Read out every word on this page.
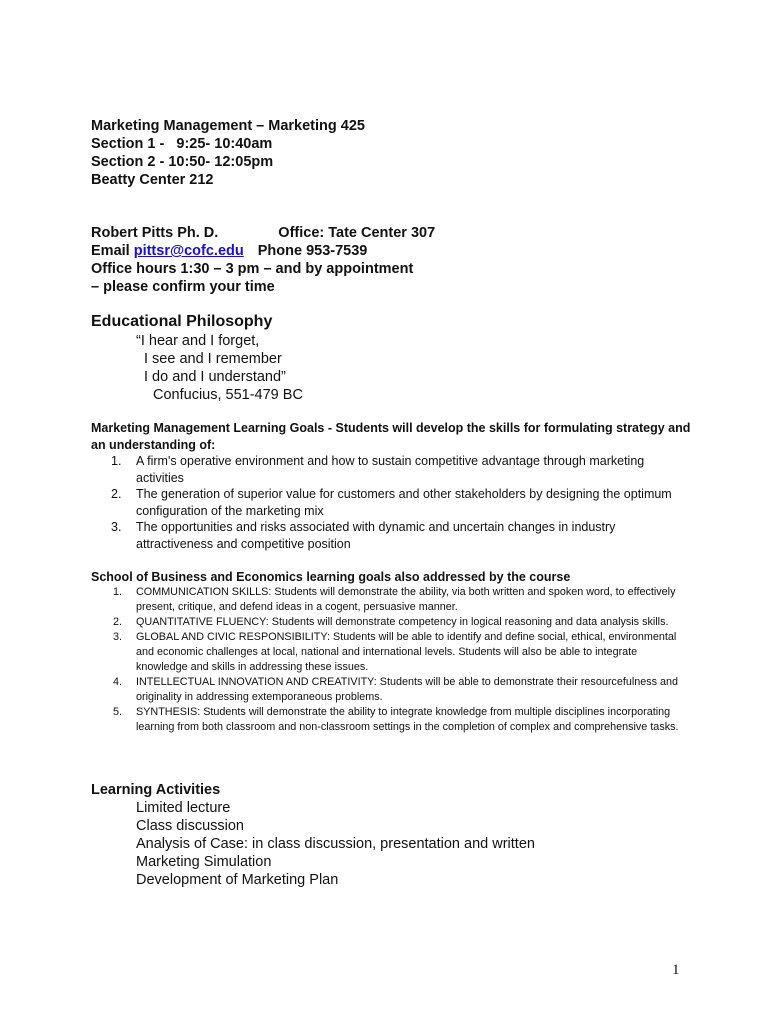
Marketing Management – Marketing 425
Section 1 -   9:25- 10:40am
Section 2 - 10:50- 12:05pm
Beatty Center 212
Robert Pitts Ph. D.	Office: Tate Center 307
Email pittsr@cofc.edu Phone 953-7539
Office hours 1:30 – 3 pm – and by appointment
– please confirm your time
Educational Philosophy
“I hear and I forget,
I see and I remember
I do and I understand”
Confucius, 551-479 BC
Marketing Management Learning Goals - Students will develop the skills for formulating strategy and an understanding of:
1. A firm's operative environment and how to sustain competitive advantage through marketing activities
2. The generation of superior value for customers and other stakeholders by designing the optimum configuration of the marketing mix
3. The opportunities and risks associated with dynamic and uncertain changes in industry attractiveness and competitive position
School of Business and Economics learning goals also addressed by the course
1. COMMUNICATION SKILLS: Students will demonstrate the ability, via both written and spoken word, to effectively present, critique, and defend ideas in a cogent, persuasive manner.
2. QUANTITATIVE FLUENCY: Students will demonstrate competency in logical reasoning and data analysis skills.
3. GLOBAL AND CIVIC RESPONSIBILITY: Students will be able to identify and define social, ethical, environmental and economic challenges at local, national and international levels. Students will also be able to integrate knowledge and skills in addressing these issues.
4. INTELLECTUAL INNOVATION AND CREATIVITY: Students will be able to demonstrate their resourcefulness and originality in addressing extemporaneous problems.
5. SYNTHESIS: Students will demonstrate the ability to integrate knowledge from multiple disciplines incorporating learning from both classroom and non-classroom settings in the completion of complex and comprehensive tasks.
Learning Activities
Limited lecture
Class discussion
Analysis of Case: in class discussion, presentation and written
Marketing Simulation
Development of Marketing Plan
1
